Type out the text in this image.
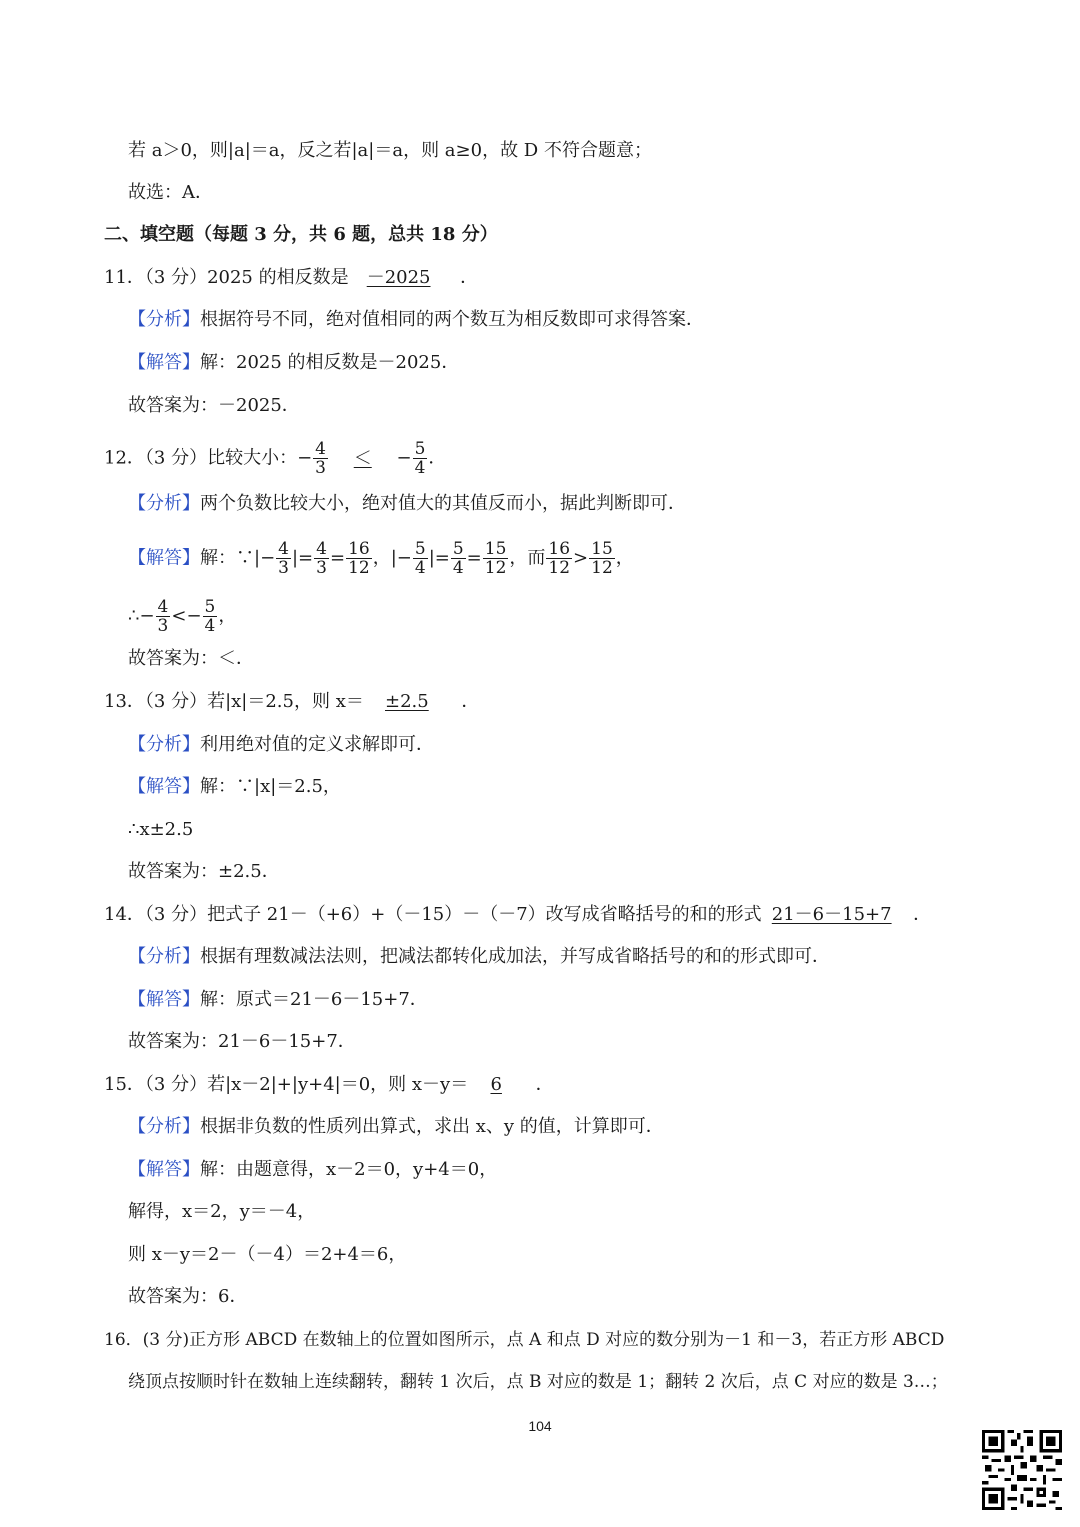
若 a＞0，则|a|＝a，反之若|a|＝a，则 a≥0，故 D 不符合题意；
故选：A．
二、填空题（每题 3 分，共 6 题，总共 18 分）
11．（3 分）2025 的相反数是 －2025 ．
【分析】根据符号不同，绝对值相同的两个数互为相反数即可求得答案．
【解答】解：2025 的相反数是－2025．
故答案为：－2025．
12．（3 分）比较大小：− $\frac{4}{3}$ ＜ − $\frac{5}{4}$ ．
【分析】两个负数比较大小，绝对值大的其值反而小，据此判断即可．
【解答】解：∵|− $\frac{4}{3}$ |= $\frac{4}{3} = \frac{16}{12}$ ，|− $\frac{5}{4}$ |= $\frac{5}{4} = \frac{15}{12}$ ，而 $\frac{16}{12} > \frac{15}{12}$ ，
∴− $\frac{4}{3} <- \frac{5}{4}$ ，
故答案为：＜．
13．（3 分）若|x|＝2.5，则 x＝ ±2.5 ．
【分析】利用绝对值的定义求解即可．
【解答】解：∵|x|＝2.5，
∴x±2.5
故答案为：±2.5．
14．（3 分）把式子 21－（+6）+（－15）－（－7）改写成省略括号的和的形式 21－6－15+7 ．
【分析】根据有理数减法法则，把减法都转化成加法，并写成省略括号的和的形式即可．
【解答】解：原式＝21－6－15+7．
故答案为：21－6－15+7．
15．（3 分）若|x－2|+|y+4|＝0，则 x－y＝ 6 ．
【分析】根据非负数的性质列出算式，求出 x、y 的值，计算即可．
【解答】解：由题意得，x－2＝0，y+4＝0，
解得，x＝2，y＝－4，
则 x－y＝2－（－4）＝2+4＝6，
故答案为：6．
16．(3 分)正方形 ABCD 在数轴上的位置如图所示，点 A 和点 D 对应的数分别为－1 和－3，若正方形 ABCD
绕顶点按顺时针在数轴上连续翻转，翻转 1 次后，点 B 对应的数是 1；翻转 2 次后，点 C 对应的数是 3…；
104
